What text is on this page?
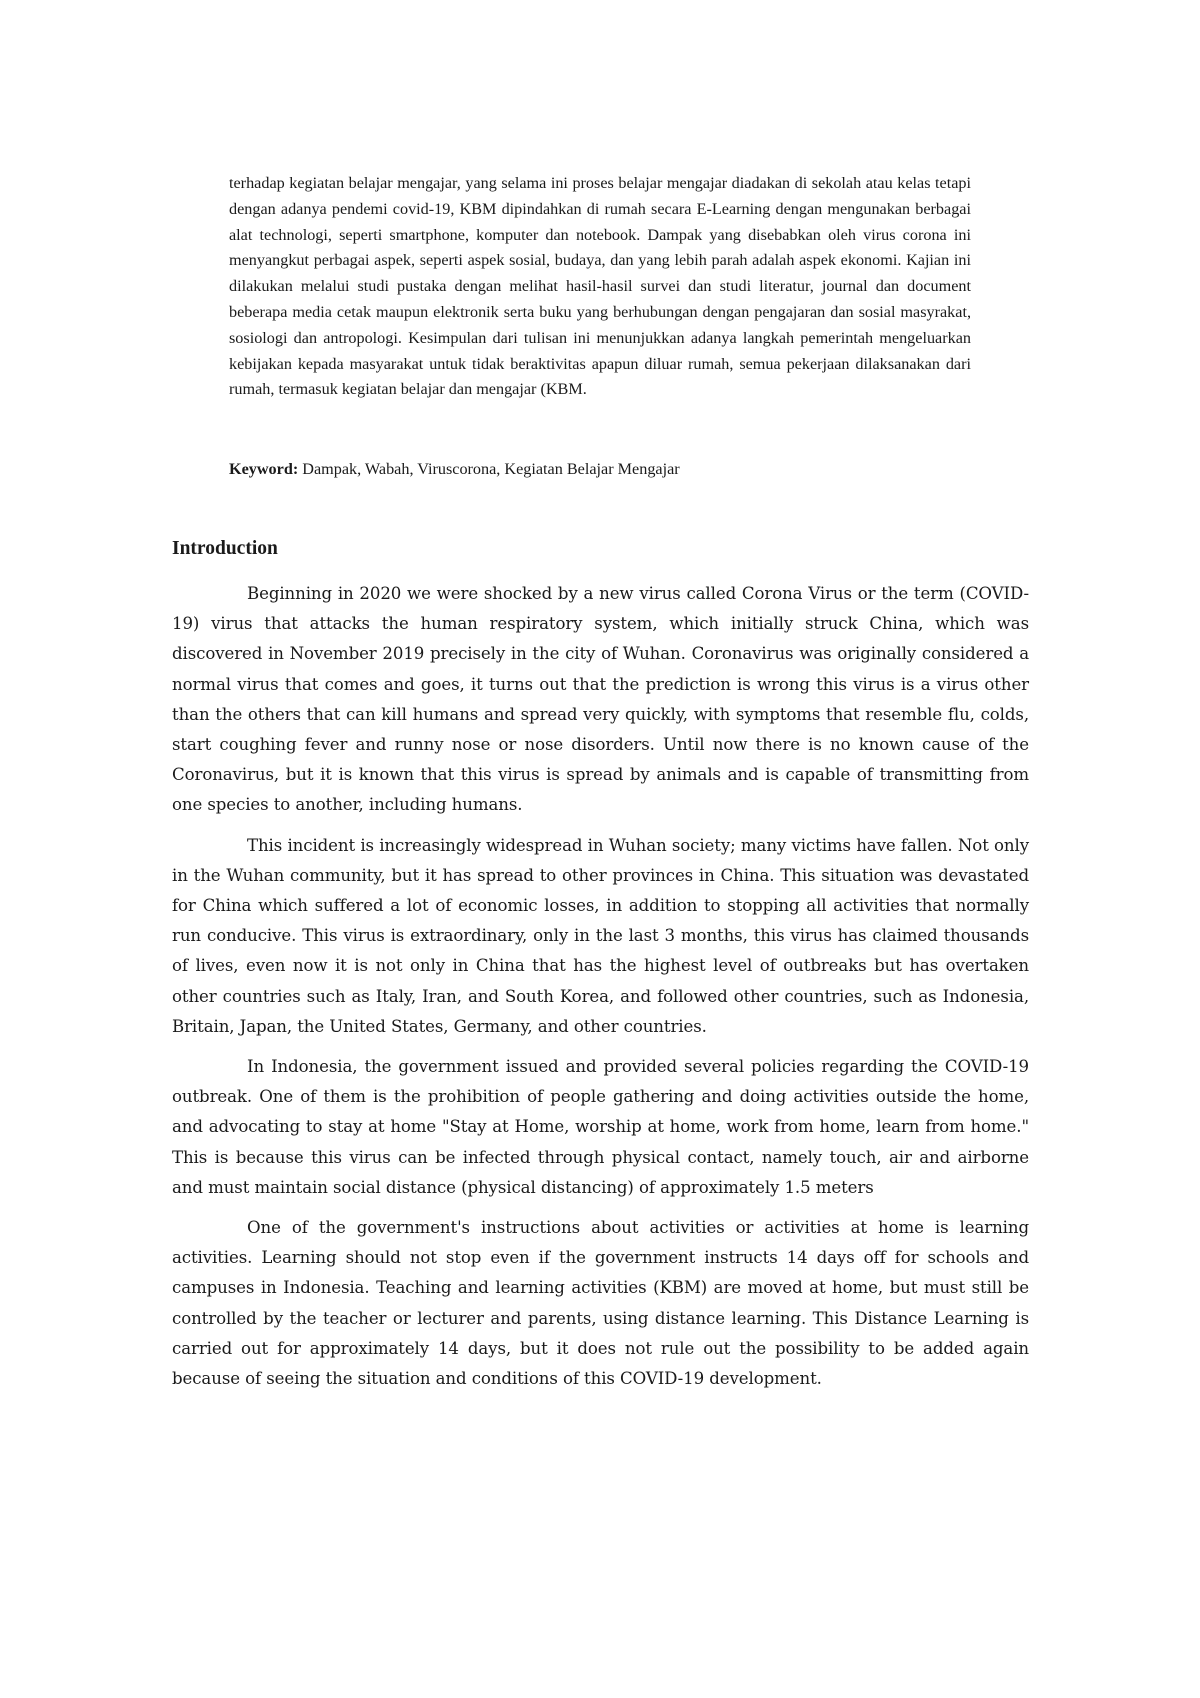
terhadap kegiatan belajar mengajar, yang selama ini proses belajar mengajar diadakan di sekolah atau kelas tetapi dengan adanya pendemi covid-19, KBM dipindahkan di rumah secara E-Learning dengan mengunakan berbagai alat technologi, seperti smartphone, komputer dan notebook. Dampak yang disebabkan oleh virus corona ini menyangkut perbagai aspek, seperti aspek sosial, budaya, dan yang lebih parah adalah aspek ekonomi. Kajian ini dilakukan melalui studi pustaka dengan melihat hasil-hasil survei dan studi literatur, journal dan document beberapa media cetak maupun elektronik serta buku yang berhubungan dengan pengajaran dan sosial masyrakat, sosiologi dan antropologi. Kesimpulan dari tulisan ini menunjukkan adanya langkah pemerintah mengeluarkan kebijakan kepada masyarakat untuk tidak beraktivitas apapun diluar rumah, semua pekerjaan dilaksanakan dari rumah, termasuk kegiatan belajar dan mengajar (KBM.

Keyword: Dampak, Wabah, Viruscorona, Kegiatan Belajar Mengajar
Introduction

Beginning in 2020 we were shocked by a new virus called Corona Virus or the term (COVID-19) virus that attacks the human respiratory system, which initially struck China, which was discovered in November 2019 precisely in the city of Wuhan. Coronavirus was originally considered a normal virus that comes and goes, it turns out that the prediction is wrong this virus is a virus other than the others that can kill humans and spread very quickly, with symptoms that resemble flu, colds, start coughing fever and runny nose or nose disorders. Until now there is no known cause of the Coronavirus, but it is known that this virus is spread by animals and is capable of transmitting from one species to another, including humans.

This incident is increasingly widespread in Wuhan society; many victims have fallen. Not only in the Wuhan community, but it has spread to other provinces in China. This situation was devastated for China which suffered a lot of economic losses, in addition to stopping all activities that normally run conducive. This virus is extraordinary, only in the last 3 months, this virus has claimed thousands of lives, even now it is not only in China that has the highest level of outbreaks but has overtaken other countries such as Italy, Iran, and South Korea, and followed other countries, such as Indonesia, Britain, Japan, the United States, Germany, and other countries.

In Indonesia, the government issued and provided several policies regarding the COVID-19 outbreak. One of them is the prohibition of people gathering and doing activities outside the home, and advocating to stay at home "Stay at Home, worship at home, work from home, learn from home." This is because this virus can be infected through physical contact, namely touch, air and airborne and must maintain social distance (physical distancing) of approximately 1.5 meters

One of the government's instructions about activities or activities at home is learning activities. Learning should not stop even if the government instructs 14 days off for schools and campuses in Indonesia. Teaching and learning activities (KBM) are moved at home, but must still be controlled by the teacher or lecturer and parents, using distance learning. This Distance Learning is carried out for approximately 14 days, but it does not rule out the possibility to be added again because of seeing the situation and conditions of this COVID-19 development.
